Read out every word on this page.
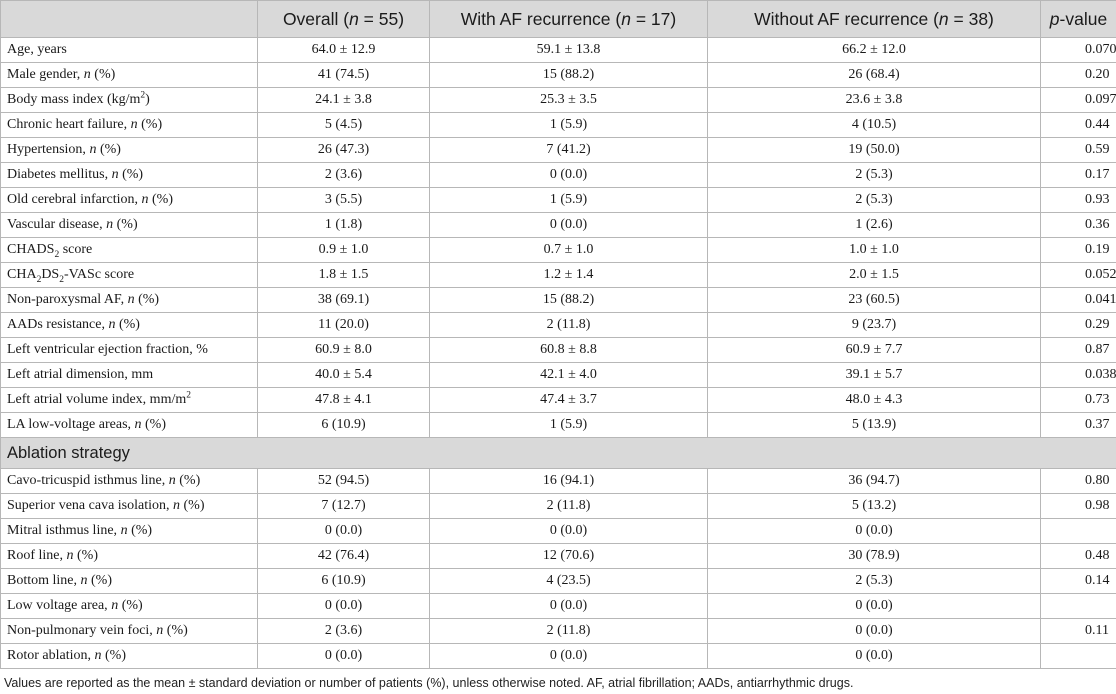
	Overall (n = 55)	With AF recurrence (n = 17)	Without AF recurrence (n = 38)	p-value
Age, years	64.0 ± 12.9	59.1 ± 13.8	66.2 ± 12.0	0.070
Male gender, n (%)	41 (74.5)	15 (88.2)	26 (68.4)	0.20
Body mass index $(kg/m^2)$	24.1 ± 3.8	25.3 ± 3.5	23.6 ± 3.8	0.097
Chronic heart failure, n (%)	5 (4.5)	1 (5.9)	4 (10.5)	0.44
Hypertension, n (%)	26 (47.3)	7 (41.2)	19 (50.0)	0.59
Diabetes mellitus, n (%)	2 (3.6)	0 (0.0)	2 (5.3)	0.17
Old cerebral infarction, n (%)	3 (5.5)	1 (5.9)	2 (5.3)	0.93
Vascular disease, n (%)	1 (1.8)	0 (0.0)	1 (2.6)	0.36
$CHADS_2$ score	0.9 ± 1.0	0.7 ± 1.0	1.0 ± 1.0	0.19
$CHA_2DS_2$-VASc score	1.8 ± 1.5	1.2 ± 1.4	2.0 ± 1.5	0.052
Non-paroxysmal AF, n (%)	38 (69.1)	15 (88.2)	23 (60.5)	0.041
AADs resistance, n (%)	11 (20.0)	2 (11.8)	9 (23.7)	0.29
Left ventricular ejection fraction, %	60.9 ± 8.0	60.8 ± 8.8	60.9 ± 7.7	0.87
Left atrial dimension, mm	40.0 ± 5.4	42.1 ± 4.0	39.1 ± 5.7	0.038
Left atrial volume index, $mm/m^2$	47.8 ± 4.1	47.4 ± 3.7	48.0 ± 4.3	0.73
LA low-voltage areas, n (%)	6 (10.9)	1 (5.9)	5 (13.9)	0.37
Ablation strategy				
Cavo-tricuspid isthmus line, n (%)	52 (94.5)	16 (94.1)	36 (94.7)	0.80
Superior vena cava isolation, n (%)	7 (12.7)	2 (11.8)	5 (13.2)	0.98
Mitral isthmus line, n (%)	0 (0.0)	0 (0.0)	0 (0.0)	
Roof line, n (%)	42 (76.4)	12 (70.6)	30 (78.9)	0.48
Bottom line, n (%)	6 (10.9)	4 (23.5)	2 (5.3)	0.14
Low voltage area, n (%)	0 (0.0)	0 (0.0)	0 (0.0)	
Non-pulmonary vein foci, n (%)	2 (3.6)	2 (11.8)	0 (0.0)	0.11
Rotor ablation, n (%)	0 (0.0)	0 (0.0)	0 (0.0)	
Values are reported as the mean ± standard deviation or number of patients (%), unless otherwise noted. AF, atrial fibrillation; AADs, antiarrhythmic drugs.
